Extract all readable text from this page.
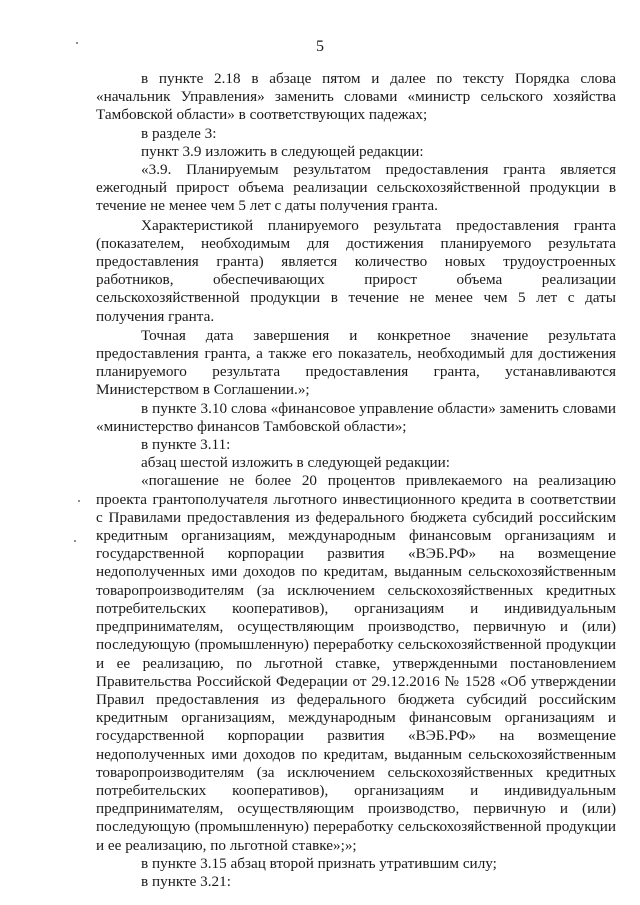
5

в пункте 2.18 в абзаце пятом и далее по тексту Порядка слова «начальник Управления» заменить словами «министр сельского хозяйства Тамбовской области» в соответствующих падежах;

в разделе 3:

пункт 3.9 изложить в следующей редакции:

«3.9. Планируемым результатом предоставления гранта является ежегодный прирост объема реализации сельскохозяйственной продукции в течение не менее чем 5 лет с даты получения гранта.

Характеристикой планируемого результата предоставления гранта (показателем, необходимым для достижения планируемого результата предоставления гранта) является количество новых трудоустроенных работников, обеспечивающих прирост объема реализации сельскохозяйственной продукции в течение не менее чем 5 лет с даты получения гранта.

Точная дата завершения и конкретное значение результата предоставления гранта, а также его показатель, необходимый для достижения планируемого результата предоставления гранта, устанавливаются Министерством в Соглашении.»;

в пункте 3.10 слова «финансовое управление области» заменить словами «министерство финансов Тамбовской области»;

в пункте 3.11:

абзац шестой изложить в следующей редакции:

«погашение не более 20 процентов привлекаемого на реализацию проекта грантополучателя льготного инвестиционного кредита в соответствии с Правилами предоставления из федерального бюджета субсидий российским кредитным организациям, международным финансовым организациям и государственной корпорации развития «ВЭБ.РФ» на возмещение недополученных ими доходов по кредитам, выданным сельскохозяйственным товаропроизводителям (за исключением сельскохозяйственных кредитных потребительских кооперативов), организациям и индивидуальным предпринимателям, осуществляющим производство, первичную и (или) последующую (промышленную) переработку сельскохозяйственной продукции и ее реализацию, по льготной ставке, утвержденными постановлением Правительства Российской Федерации от 29.12.2016 № 1528 «Об утверждении Правил предоставления из федерального бюджета субсидий российским кредитным организациям, международным финансовым организациям и государственной корпорации развития «ВЭБ.РФ» на возмещение недополученных ими доходов по кредитам, выданным сельскохозяйственным товаропроизводителям (за исключением сельскохозяйственных кредитных потребительских кооперативов), организациям и индивидуальным предпринимателям, осуществляющим производство, первичную и (или) последующую (промышленную) переработку сельскохозяйственной продукции и ее реализацию, по льготной ставке»;»;

в пункте 3.15 абзац второй признать утратившим силу;

в пункте 3.21:
